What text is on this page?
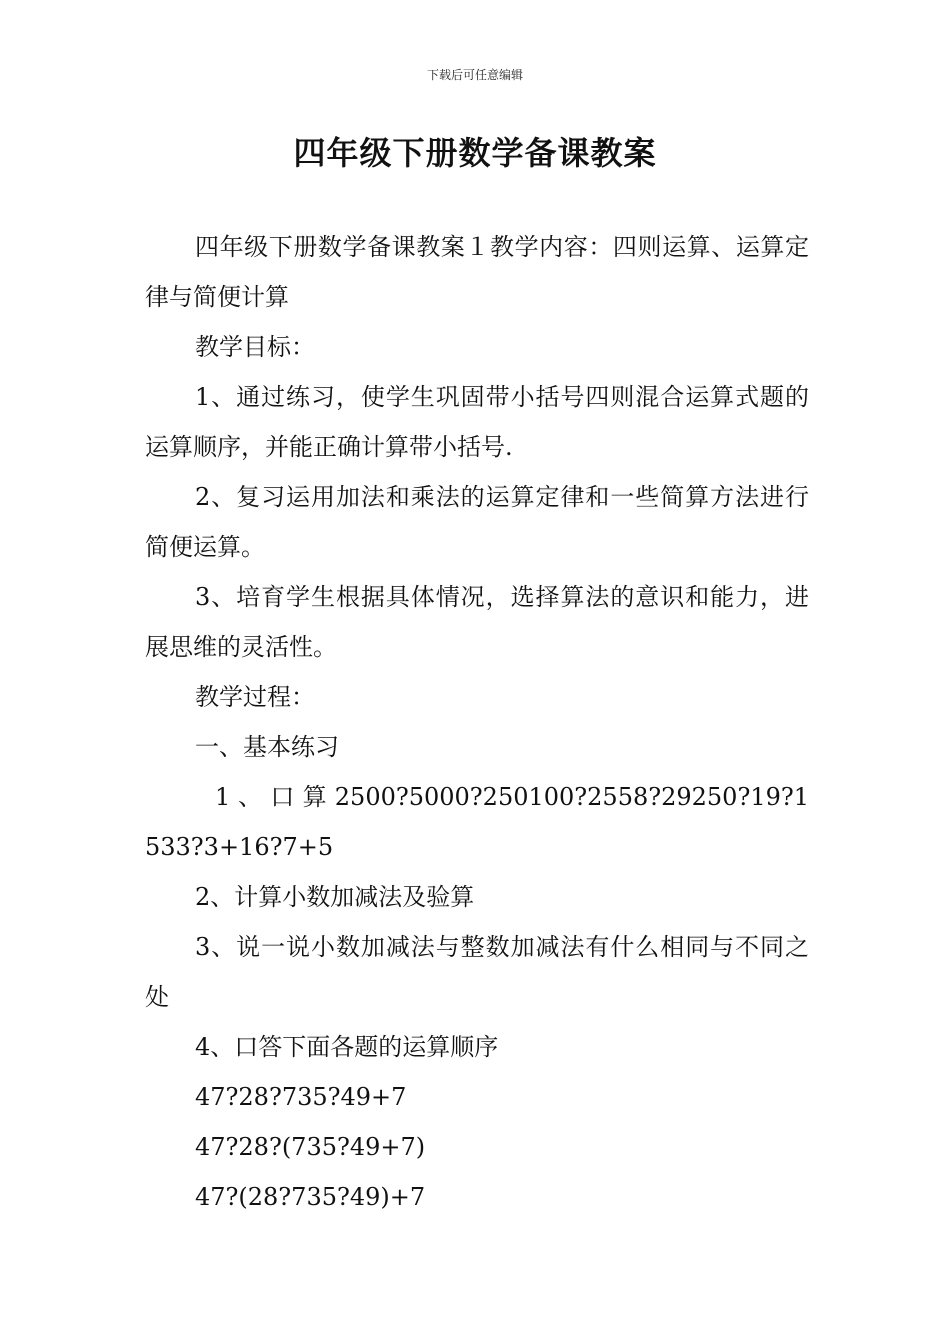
下载后可任意编辑
四年级下册数学备课教案

四年级下册数学备课教案１教学内容：四则运算、运算定律与简便计算

教学目标：

1、通过练习，使学生巩固带小括号四则混合运算式题的运算顺序，并能正确计算带小括号.

2、复习运用加法和乘法的运算定律和一些简算方法进行简便运算。

3、培育学生根据具体情况，选择算法的意识和能力，进展思维的灵活性。

教学过程：

一、基本练习

1 、 口 算 2500?5000?250100?2558?29250?19?1533?3+16?7+5

2、计算小数加减法及验算

3、说一说小数加减法与整数加减法有什么相同与不同之处

4、口答下面各题的运算顺序

47?28?735?49+7

47?28?(735?49+7)

47?(28?735?49)+7
